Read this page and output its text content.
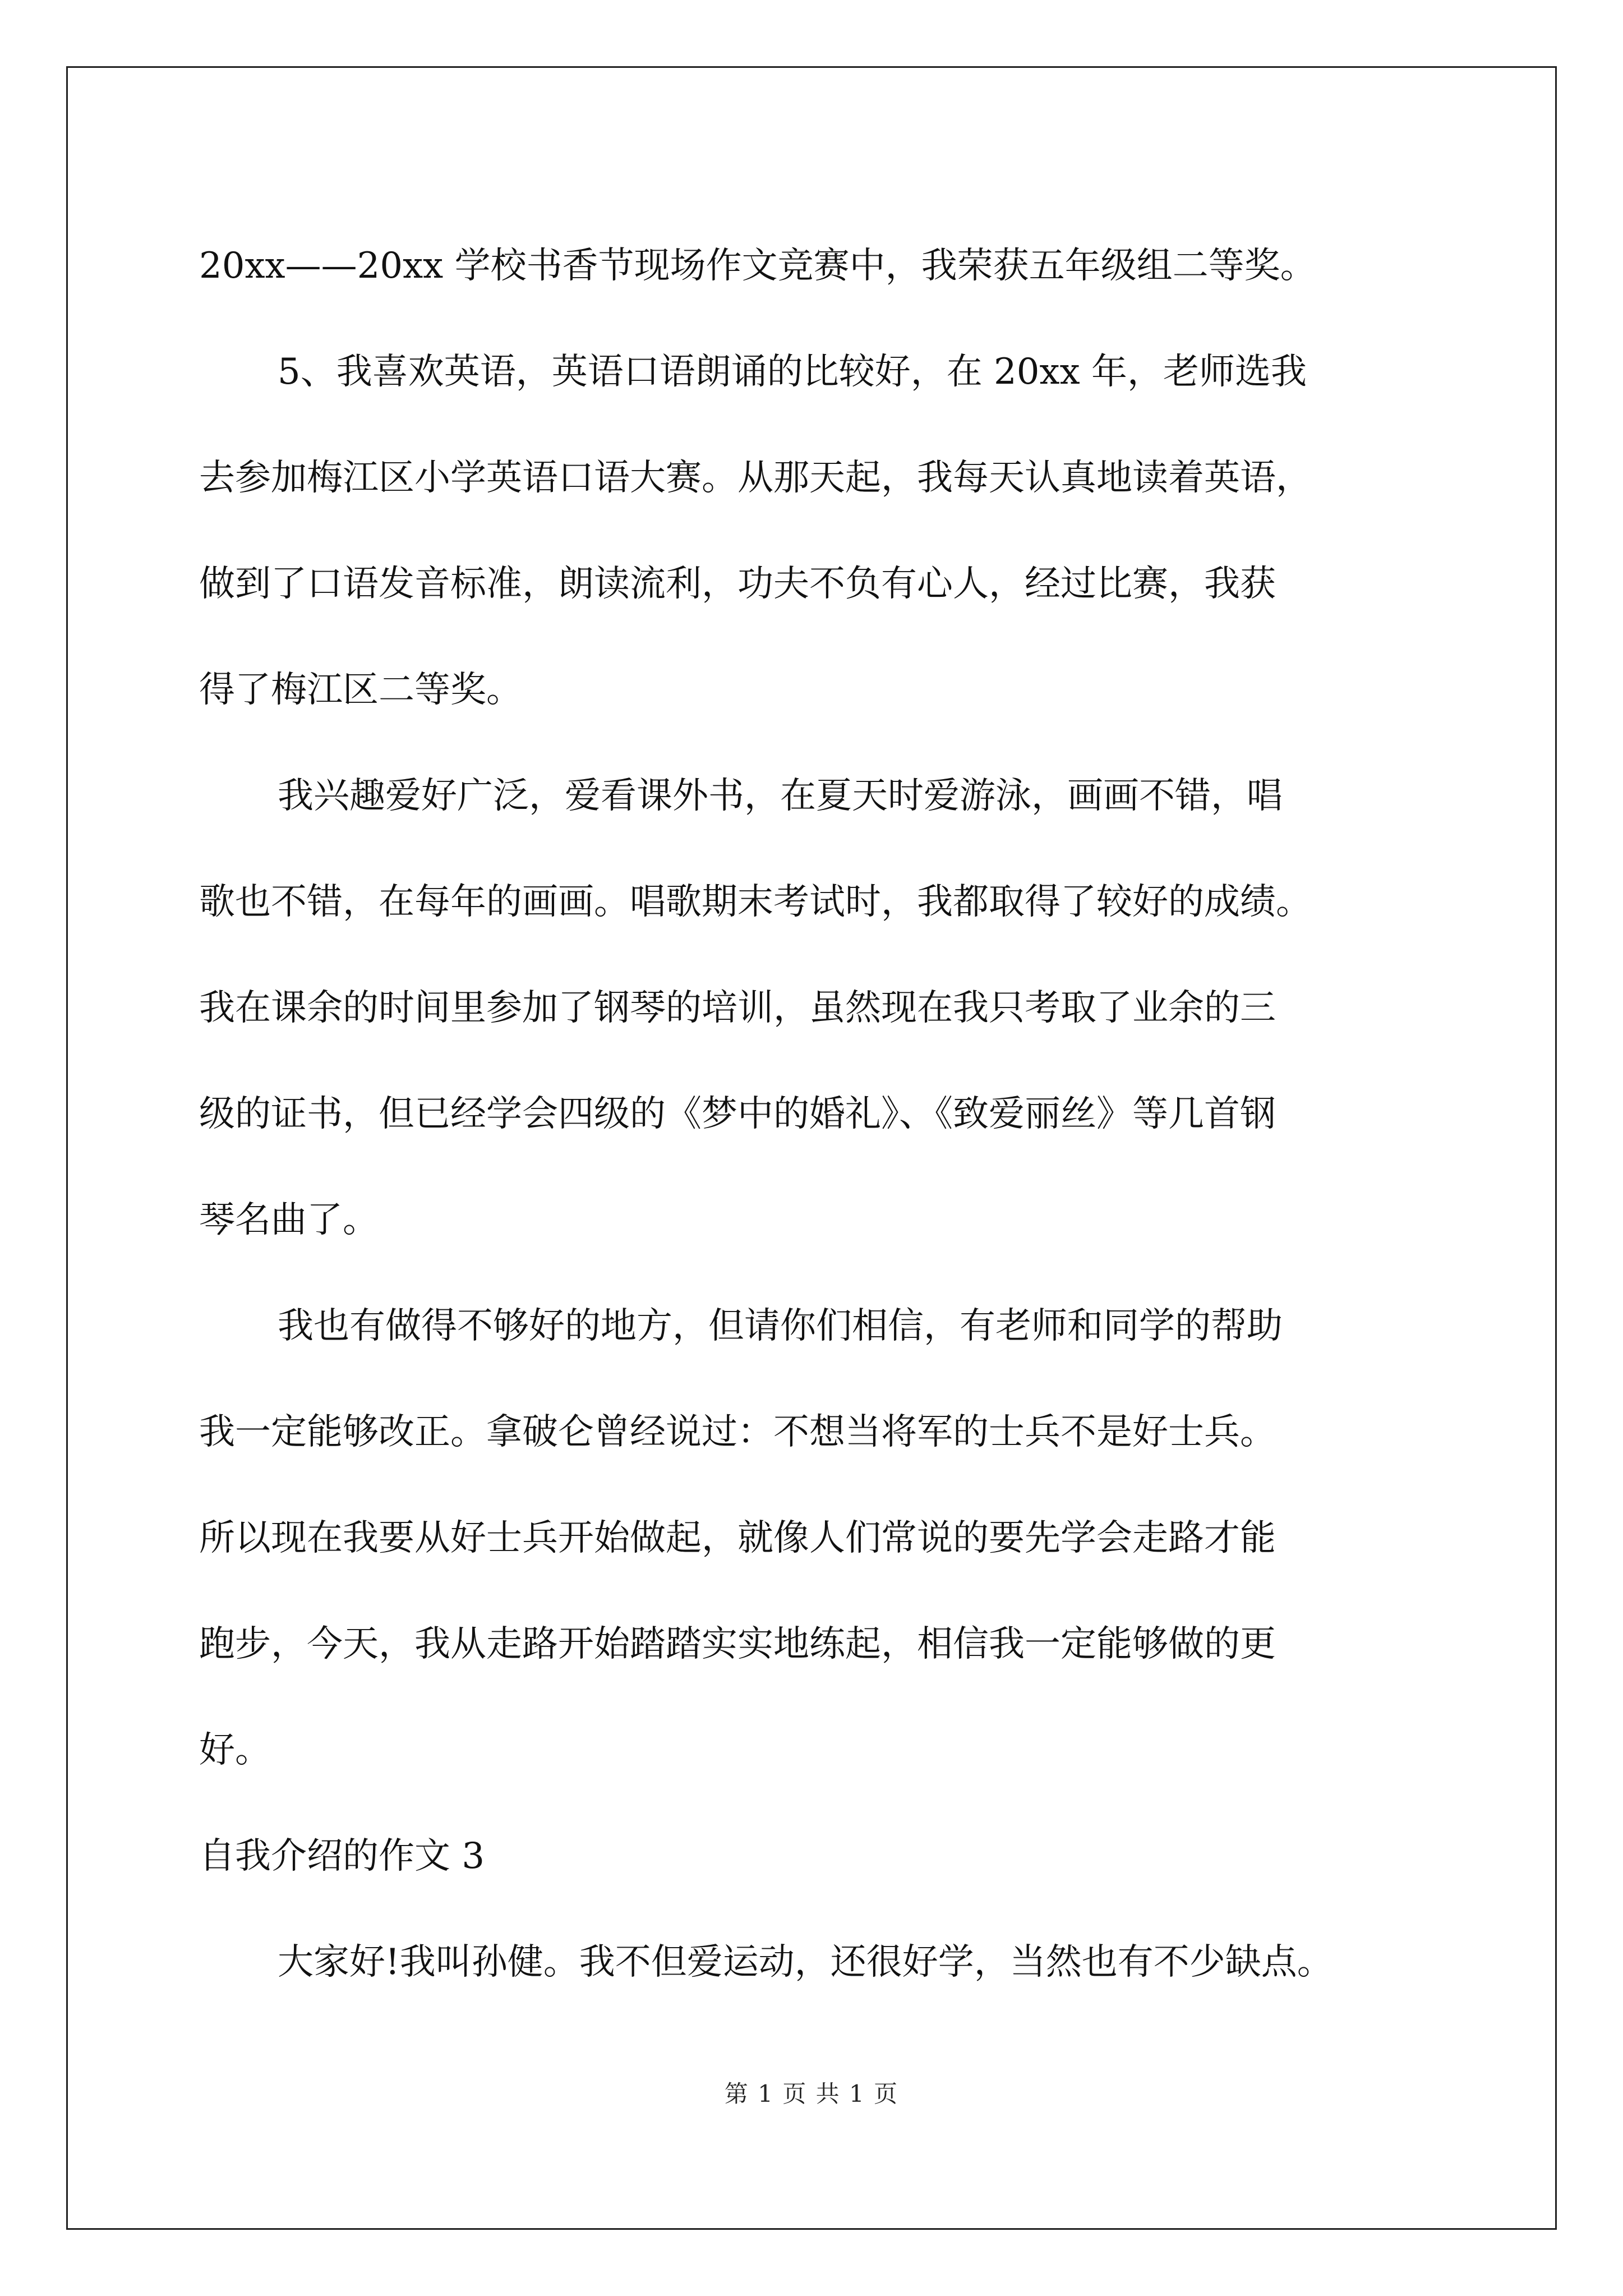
20xx——20xx 学校书香节现场作文竞赛中，我荣获五年级组二等奖。
5、我喜欢英语，英语口语朗诵的比较好，在 20xx 年，老师选我
去参加梅江区小学英语口语大赛。从那天起，我每天认真地读着英语，
做到了口语发音标准，朗读流利，功夫不负有心人，经过比赛，我获
得了梅江区二等奖。
我兴趣爱好广泛，爱看课外书，在夏天时爱游泳，画画不错，唱
歌也不错，在每年的画画。唱歌期末考试时，我都取得了较好的成绩。
我在课余的时间里参加了钢琴的培训，虽然现在我只考取了业余的三
级的证书，但已经学会四级的《梦中的婚礼》、《致爱丽丝》等几首钢
琴名曲了。
我也有做得不够好的地方，但请你们相信，有老师和同学的帮助
我一定能够改正。拿破仑曾经说过：不想当将军的士兵不是好士兵。
所以现在我要从好士兵开始做起，就像人们常说的要先学会走路才能
跑步，今天，我从走路开始踏踏实实地练起，相信我一定能够做的更
好。
自我介绍的作文 3
大家好!我叫孙健。我不但爱运动，还很好学，当然也有不少缺点。
第 1 页 共 1 页
